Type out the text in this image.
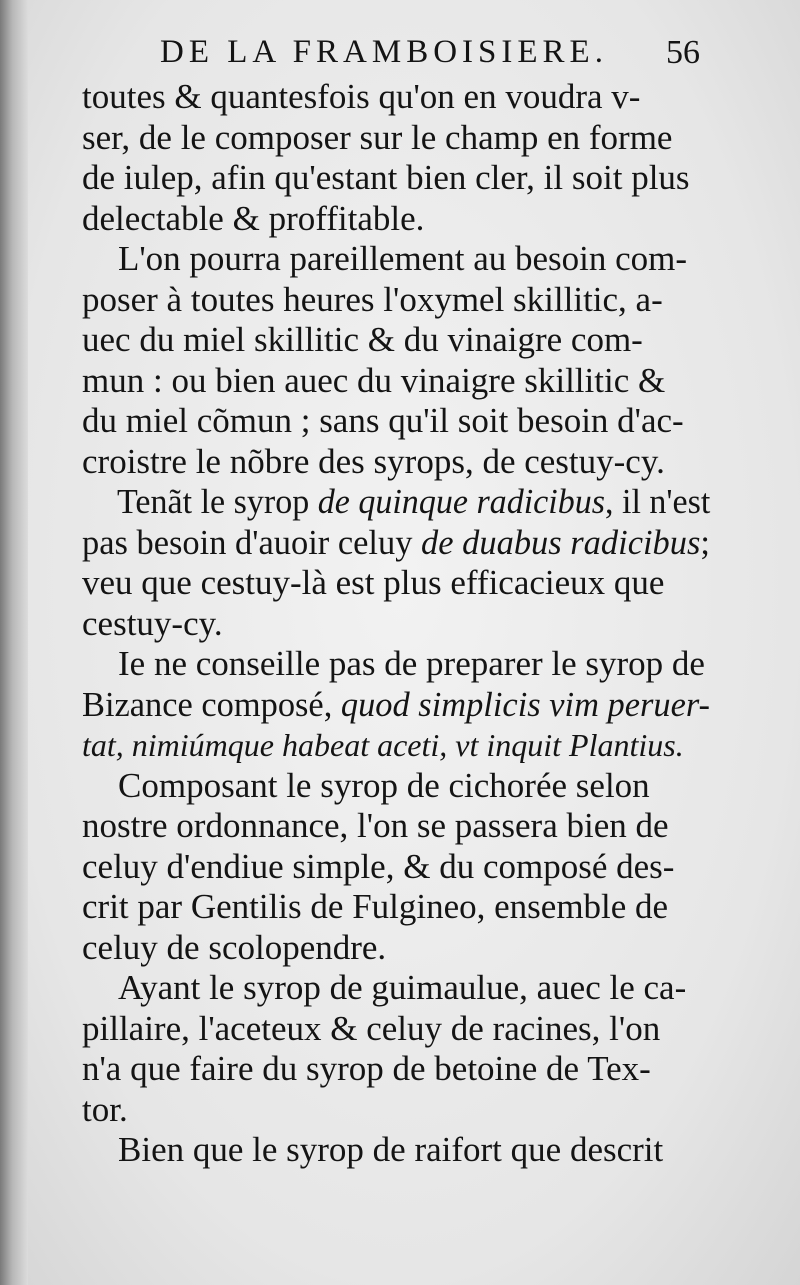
DE LA FRAMBOISIERE. 56
toutes & quantesfois qu'on en voudra v-
ser, de le composer sur le champ en forme
de iulep, afin qu'estant bien cler, il soit plus
delectable & proffitable.
L'on pourra pareillement au besoin com-
poser à toutes heures l'oxymel skillitic, a-
uec du miel skillitic & du vinaigre com-
mun : ou bien auec du vinaigre skillitic &
du miel cõmun ; sans qu'il soit besoin d'ac-
croistre le nõbre des syrops, de cestuy-cy.
Tenãt le syrop de quinque radicibus, il n'est
pas besoin d'auoir celuy de duabus radicibus;
veu que cestuy-là est plus efficacieux que
cestuy-cy.
Ie ne conseille pas de preparer le syrop de
Bizance composé, quod simplicis vim peruer-
tat, nimiúmque habeat aceti, vt inquit Plantius.
Composant le syrop de cichorée selon
nostre ordonnance, l'on se passera bien de
celuy d'endiue simple, & du composé des-
crit par Gentilis de Fulgineo, ensemble de
celuy de scolopendre.
Ayant le syrop de guimaulue, auec le ca-
pillaire, l'aceteux & celuy de racines, l'on
n'a que faire du syrop de betoine de Tex-
tor.
Bien que le syrop de raifort que descrit
